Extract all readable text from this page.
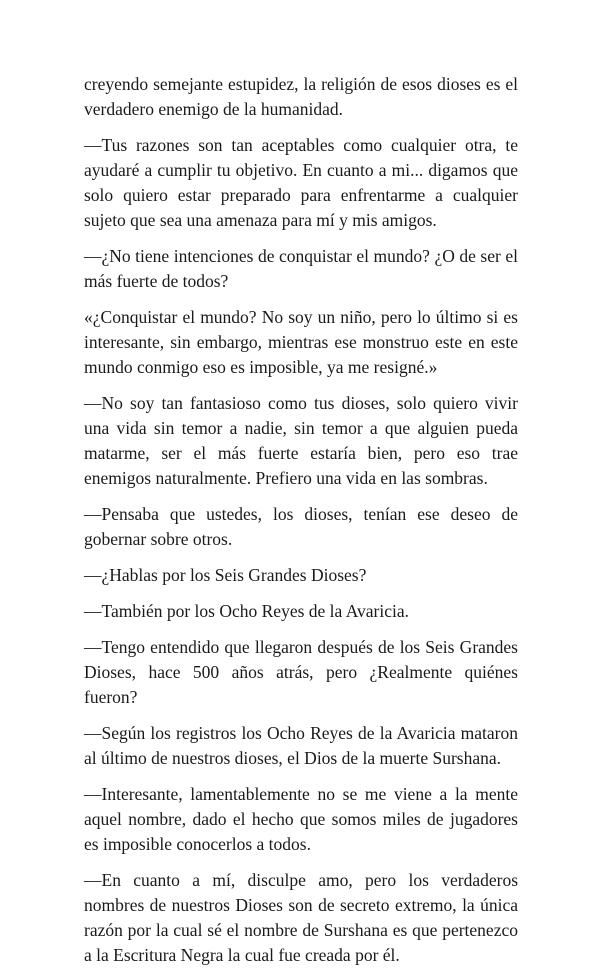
creyendo semejante estupidez, la religión de esos dioses es el verdadero enemigo de la humanidad.

—Tus razones son tan aceptables como cualquier otra, te ayudaré a cumplir tu objetivo. En cuanto a mi... digamos que solo quiero estar preparado para enfrentarme a cualquier sujeto que sea una amenaza para mí y mis amigos.

—¿No tiene intenciones de conquistar el mundo? ¿O de ser el más fuerte de todos?

«¿Conquistar el mundo? No soy un niño, pero lo último si es interesante, sin embargo, mientras ese monstruo este en este mundo conmigo eso es imposible, ya me resigné.»

—No soy tan fantasioso como tus dioses, solo quiero vivir una vida sin temor a nadie, sin temor a que alguien pueda matarme, ser el más fuerte estaría bien, pero eso trae enemigos naturalmente. Prefiero una vida en las sombras.

—Pensaba que ustedes, los dioses, tenían ese deseo de gobernar sobre otros.

—¿Hablas por los Seis Grandes Dioses?

—También por los Ocho Reyes de la Avaricia.

—Tengo entendido que llegaron después de los Seis Grandes Dioses, hace 500 años atrás, pero ¿Realmente quiénes fueron?

—Según los registros los Ocho Reyes de la Avaricia mataron al último de nuestros dioses, el Dios de la muerte Surshana.

—Interesante, lamentablemente no se me viene a la mente aquel nombre, dado el hecho que somos miles de jugadores es imposible conocerlos a todos.

—En cuanto a mí, disculpe amo, pero los verdaderos nombres de nuestros Dioses son de secreto extremo, la única razón por la cual sé el nombre de Surshana es que pertenezco a la Escritura Negra la cual fue creada por él.
